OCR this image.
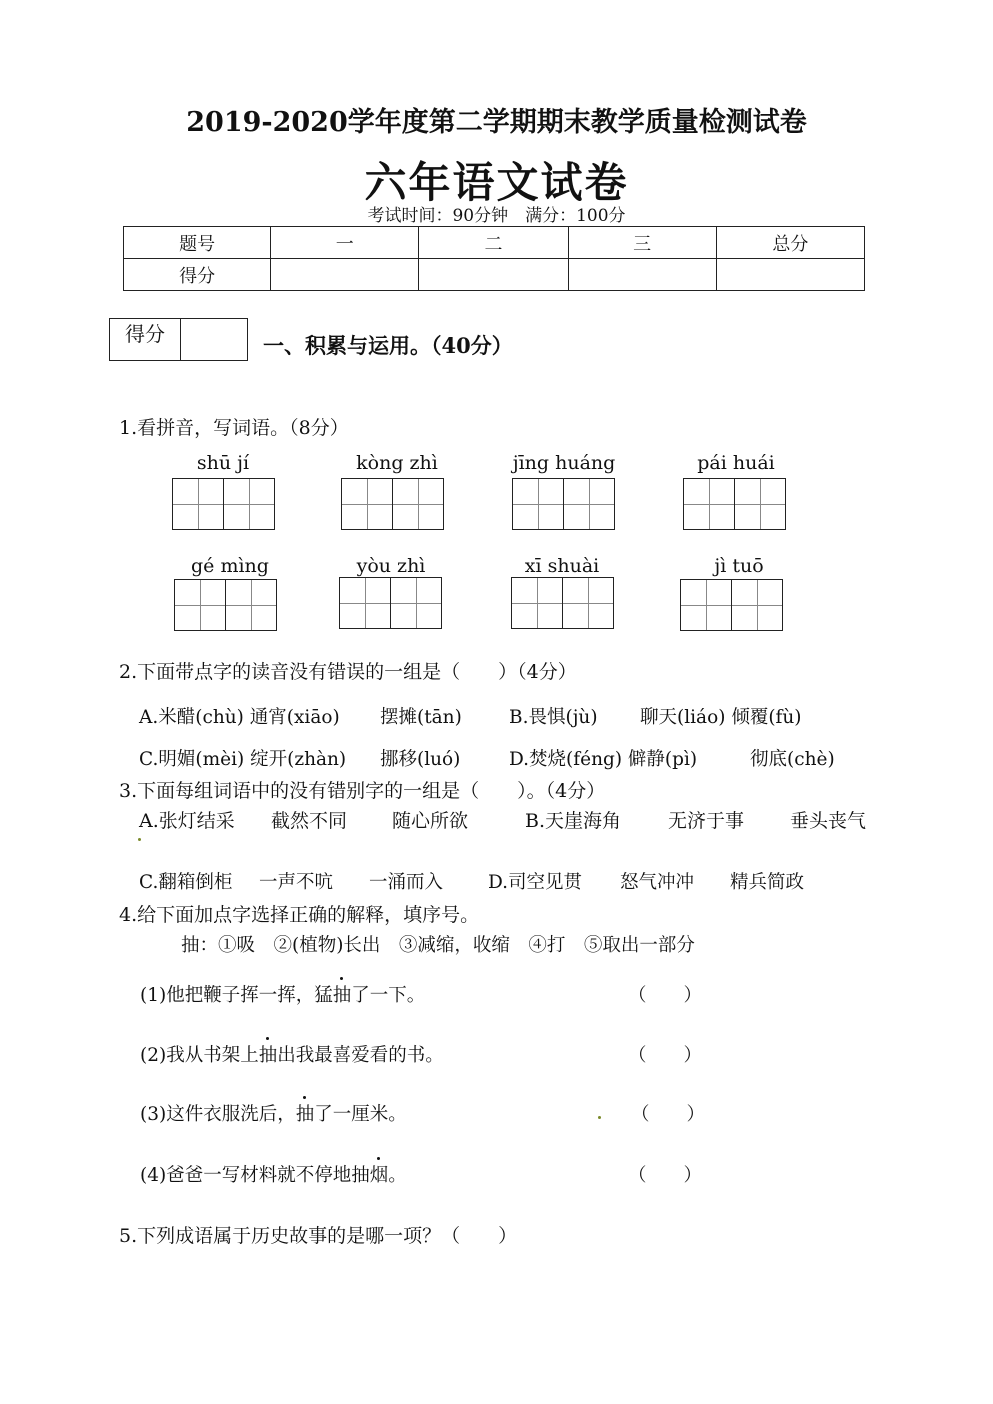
2019-2020学年度第二学期期末教学质量检测试卷
六年语文试卷
考试时间：90分钟　满分：100分
题号	一	二	三	总分
得分				
得分	一、积累与运用。（40分）
1.看拼音，写词语。（8分）
shū jí	kòng zhì	jīng huáng	pái huái
gé mìng	yòu zhì	xī shuài	jì tuō
2.下面带点字的读音没有错误的一组是（　　）（4分）
A.米醋(chù) 通宵(xiāo) 摆摊(tān)	B.畏惧(jù) 聊天(liáo) 倾覆(fù)
C.明媚(mèi) 绽开(zhàn) 挪移(luó)	D.焚烧(féng) 僻静(pì)	彻底(chè)
3.下面每组词语中的没有错别字的一组是（　　）。（4分）
A.张灯结采 截然不同 随心所欲	B.天崖海角 无济于事 垂头丧气
C.翻箱倒柜 一声不吭 一涌而入 D.司空见贯 怒气冲冲 精兵简政
4.给下面加点字选择正确的解释，填序号。
抽：①吸　②(植物)长出　③减缩，收缩　④打　⑤取出一部分
(1)他把鞭子挥一挥，猛抽了一下。	（　　）
(2)我从书架上抽出我最喜爱看的书。	（　　）
(3)这件衣服洗后，抽了一厘米。	（　　）
(4)爸爸一写材料就不停地抽烟。	（　　）
5.下列成语属于历史故事的是哪一项？（　　）
